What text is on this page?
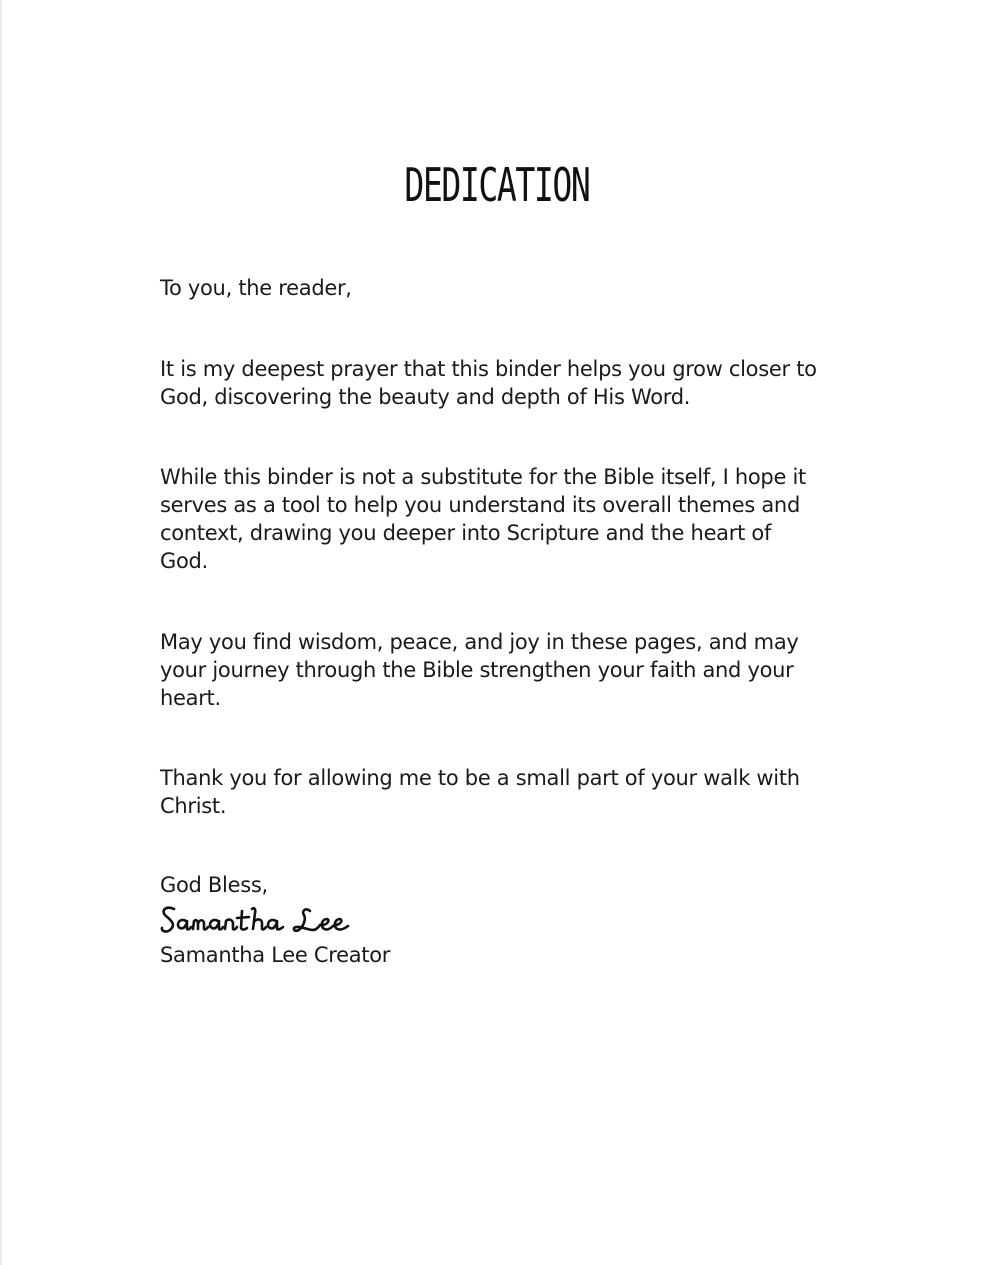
DEDICATION

To you, the reader,

It is my deepest prayer that this binder helps you grow closer to God, discovering the beauty and depth of His Word.

While this binder is not a substitute for the Bible itself, I hope it serves as a tool to help you understand its overall themes and context, drawing you deeper into Scripture and the heart of God.

May you find wisdom, peace, and joy in these pages, and may your journey through the Bible strengthen your faith and your heart.

Thank you for allowing me to be a small part of your walk with Christ.

God Bless,

Samantha Lee Creator
